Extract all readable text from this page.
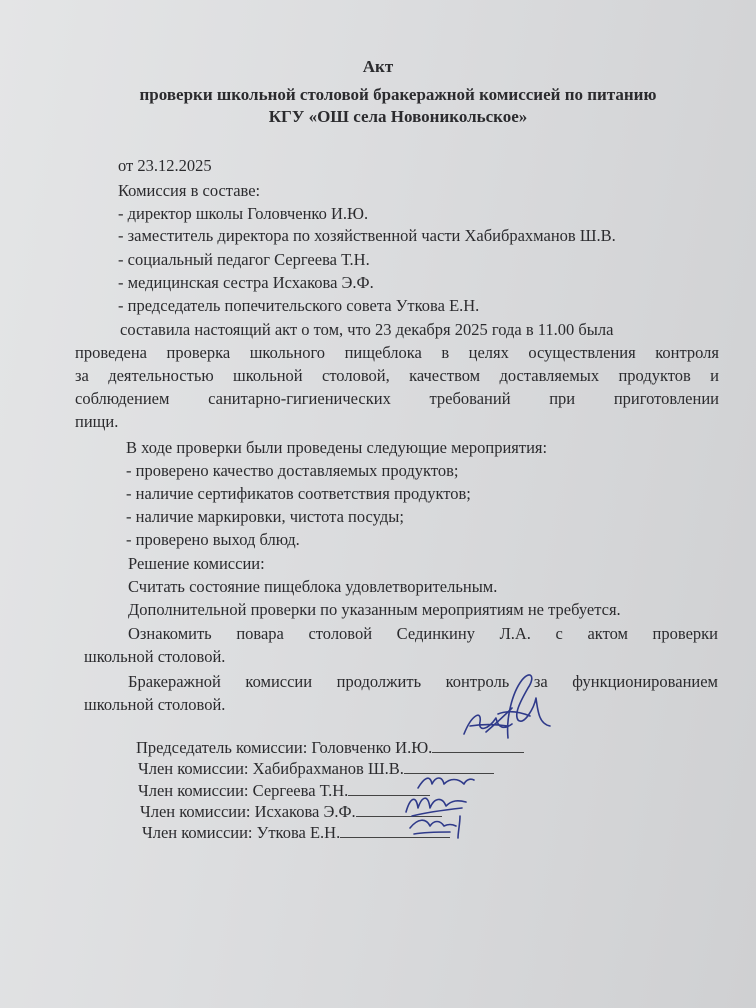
Акт
проверки школьной столовой бракеражной комиссией по питанию
КГУ «ОШ села Новоникольское»
от 23.12.2025
Комиссия в составе:
- директор школы Головченко И.Ю.
- заместитель директора по хозяйственной части Хабибрахманов Ш.В.
- социальный педагог Сергеева Т.Н.
- медицинская сестра Исхакова Э.Ф.
- председатель попечительского совета Уткова Е.Н.
составила настоящий акт о том, что 23 декабря 2025 года в 11.00 была
проведена проверка школьного пищеблока в целях осуществления контроля
за деятельностью школьной столовой, качеством доставляемых продуктов и
соблюдением санитарно-гигиенических требований при приготовлении
пищи.
В ходе проверки были проведены следующие мероприятия:
- проверено качество доставляемых продуктов;
- наличие сертификатов соответствия продуктов;
- наличие маркировки, чистота посуды;
- проверено выход блюд.
Решение комиссии:
Считать состояние пищеблока удовлетворительным.
Дополнительной проверки по указанным мероприятиям не требуется.
Ознакомить повара столовой Сединкину Л.А. с актом проверки
школьной столовой.
Бракеражной комиссии продолжить контроль за функционированием
школьной столовой.
Председатель комиссии: Головченко И.Ю.
Член комиссии: Хабибрахманов Ш.В.
Член комиссии: Сергеева Т.Н.
Член комиссии: Исхакова Э.Ф.
Член комиссии: Уткова Е.Н.
